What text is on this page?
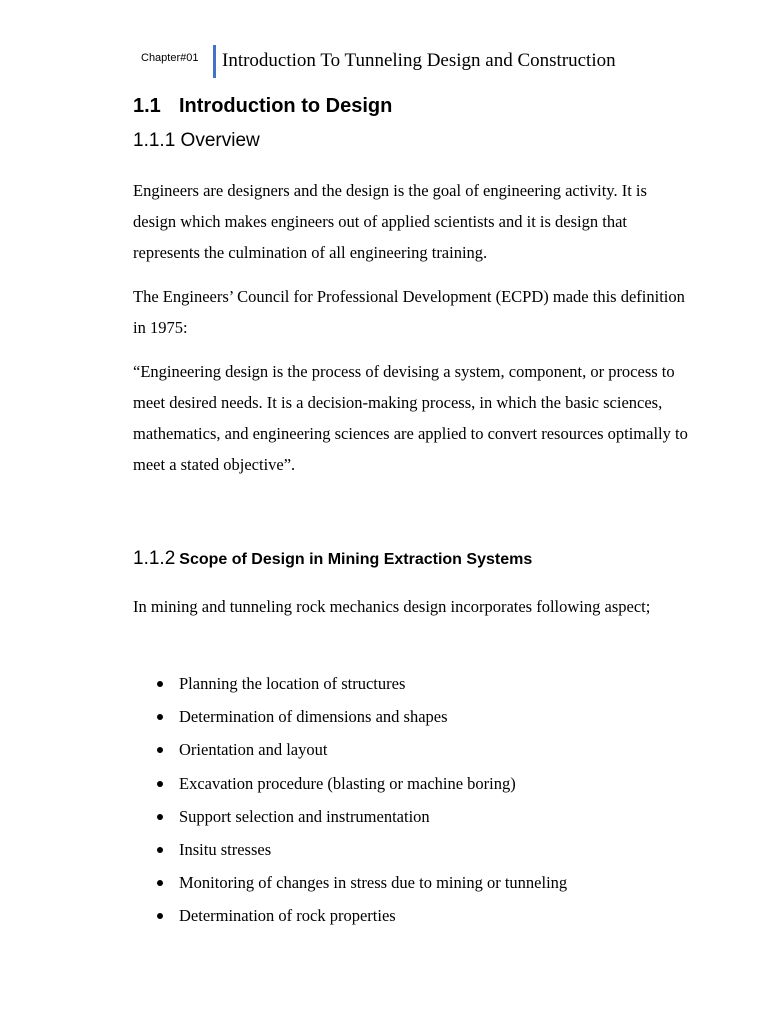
Chapter#01 Introduction To Tunneling Design and Construction
1.1 Introduction to Design
1.1.1 Overview

Engineers are designers and the design is the goal of engineering activity. It is design which makes engineers out of applied scientists and it is design that represents the culmination of all engineering training.

The Engineers’ Council for Professional Development (ECPD) made this definition in 1975:

“Engineering design is the process of devising a system, component, or process to meet desired needs. It is a decision-making process, in which the basic sciences, mathematics, and engineering sciences are applied to convert resources optimally to meet a stated objective”.

1.1.2 Scope of Design in Mining Extraction Systems

In mining and tunneling rock mechanics design incorporates following aspect;

Planning the location of structures
Determination of dimensions and shapes
Orientation and layout
Excavation procedure (blasting or machine boring)
Support selection and instrumentation
Insitu stresses
Monitoring of changes in stress due to mining or tunneling
Determination of rock properties
